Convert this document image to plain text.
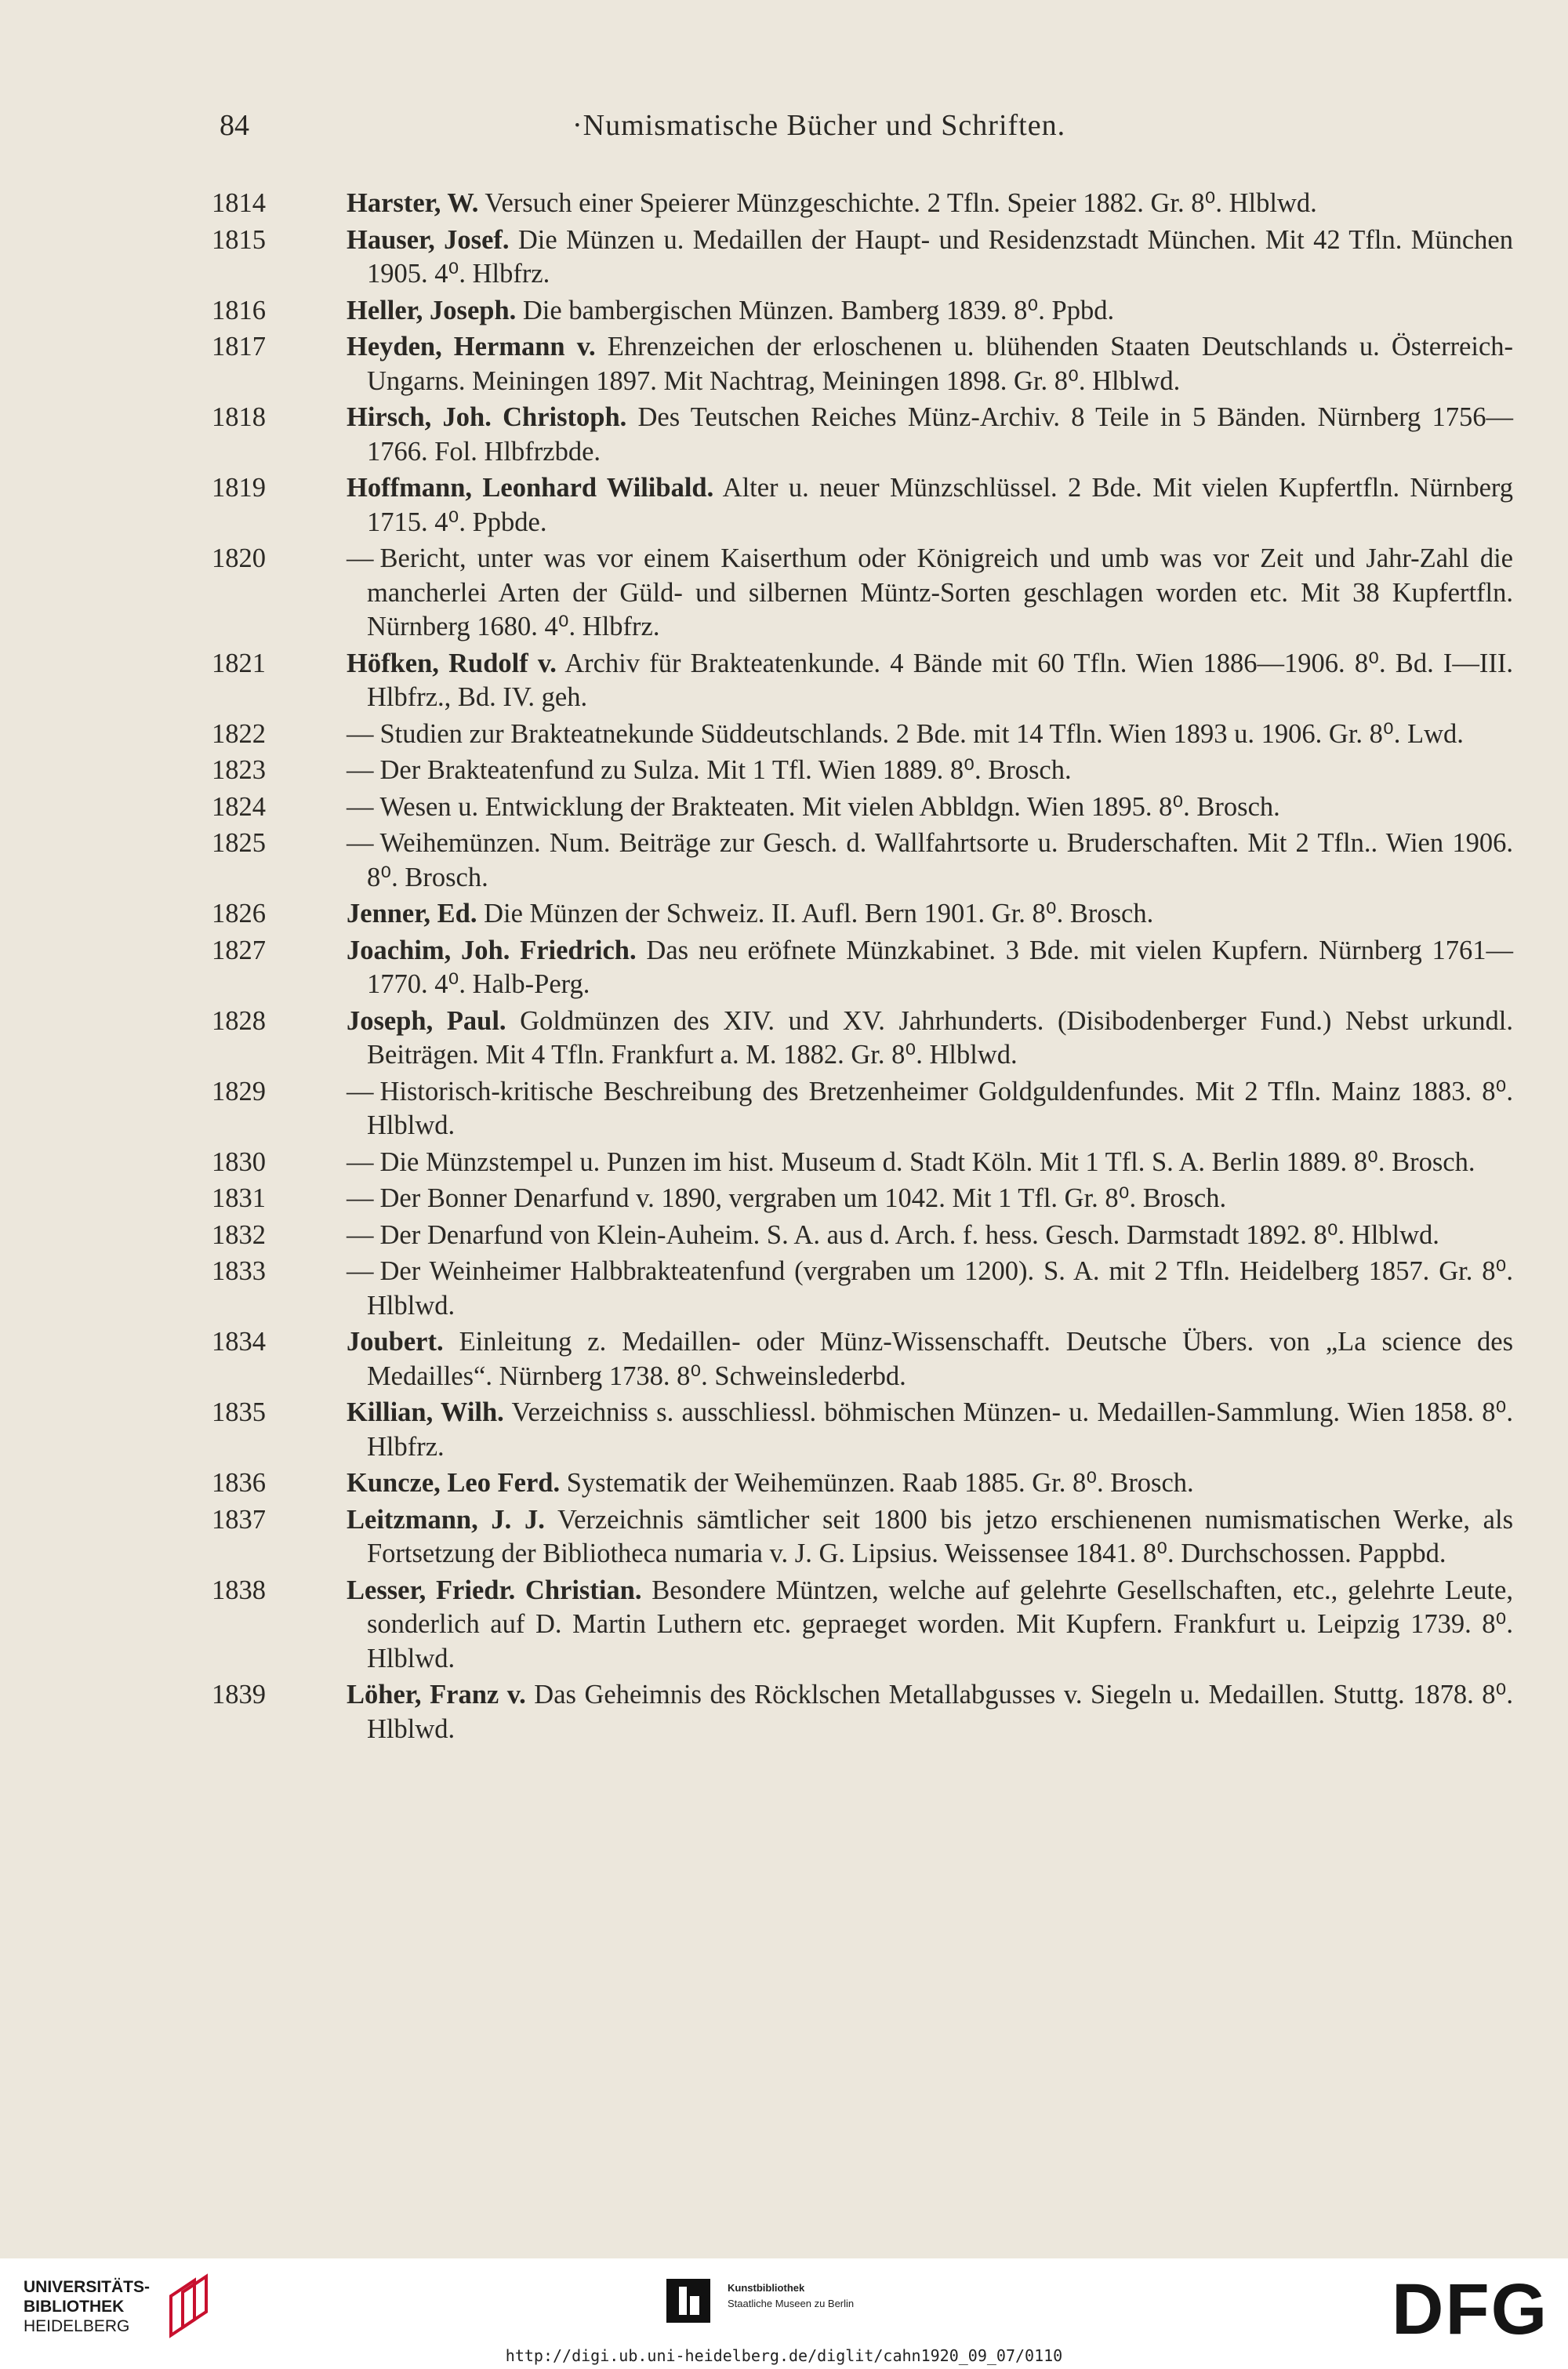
84	·Numismatische Bücher und Schriften.
1814	Harster, W. Versuch einer Speierer Münzgeschichte. 2 Tfln. Speier 1882. Gr. 8⁰. Hlblwd.
1815	Hauser, Josef. Die Münzen u. Medaillen der Haupt- und Residenzstadt München. Mit 42 Tfln. München 1905. 4⁰. Hlbfrz.
1816	Heller, Joseph. Die bambergischen Münzen. Bamberg 1839. 8⁰. Ppbd.
1817	Heyden, Hermann v. Ehrenzeichen der erloschenen u. blühenden Staaten Deutschlands u. Österreich-Ungarns. Meiningen 1897. Mit Nachtrag, Meiningen 1898. Gr. 8⁰. Hlblwd.
1818	Hirsch, Joh. Christoph. Des Teutschen Reiches Münz-Archiv. 8 Teile in 5 Bänden. Nürnberg 1756—1766. Fol. Hlbfrzbde.
1819	Hoffmann, Leonhard Wilibald. Alter u. neuer Münzschlüssel. 2 Bde. Mit vielen Kupfertfln. Nürnberg 1715. 4⁰. Ppbde.
1820	— Bericht, unter was vor einem Kaiserthum oder Königreich und umb was vor Zeit und Jahr-Zahl die mancherlei Arten der Güld- und silbernen Müntz-Sorten geschlagen worden etc. Mit 38 Kupfertfln. Nürnberg 1680. 4⁰. Hlbfrz.
1821	Höfken, Rudolf v. Archiv für Brakteatenkunde. 4 Bände mit 60 Tfln. Wien 1886—1906. 8⁰. Bd. I—III. Hlbfrz., Bd. IV. geh.
1822	— Studien zur Brakteatnekunde Süddeutschlands. 2 Bde. mit 14 Tfln. Wien 1893 u. 1906. Gr. 8⁰. Lwd.
1823	— Der Brakteatenfund zu Sulza. Mit 1 Tfl. Wien 1889. 8⁰. Brosch.
1824	— Wesen u. Entwicklung der Brakteaten. Mit vielen Abbldgn. Wien 1895. 8⁰. Brosch.
1825	— Weihemünzen. Num. Beiträge zur Gesch. d. Wallfahrtsorte u. Bruderschaften. Mit 2 Tfln.. Wien 1906. 8⁰. Brosch.
1826	Jenner, Ed. Die Münzen der Schweiz. II. Aufl. Bern 1901. Gr. 8⁰. Brosch.
1827	Joachim, Joh. Friedrich. Das neu eröfnete Münzkabinet. 3 Bde. mit vielen Kupfern. Nürnberg 1761—1770. 4⁰. Halb-Perg.
1828	Joseph, Paul. Goldmünzen des XIV. und XV. Jahrhunderts. (Disibodenberger Fund.) Nebst urkundl. Beiträgen. Mit 4 Tfln. Frankfurt a. M. 1882. Gr. 8⁰. Hlblwd.
1829	— Historisch-kritische Beschreibung des Bretzenheimer Goldguldenfundes. Mit 2 Tfln. Mainz 1883. 8⁰. Hlblwd.
1830	— Die Münzstempel u. Punzen im hist. Museum d. Stadt Köln. Mit 1 Tfl. S. A. Berlin 1889. 8⁰. Brosch.
1831	— Der Bonner Denarfund v. 1890, vergraben um 1042. Mit 1 Tfl. Gr. 8⁰. Brosch.
1832	— Der Denarfund von Klein-Auheim. S. A. aus d. Arch. f. hess. Gesch. Darmstadt 1892. 8⁰. Hlblwd.
1833	— Der Weinheimer Halbbrakteatenfund (vergraben um 1200). S. A. mit 2 Tfln. Heidelberg 1857. Gr. 8⁰. Hlblwd.
1834	Joubert. Einleitung z. Medaillen- oder Münz-Wissenschafft. Deutsche Übers. von „La science des Medailles“. Nürnberg 1738. 8⁰. Schweinslederbd.
1835	Killian, Wilh. Verzeichniss s. ausschliessl. böhmischen Münzen- u. Medaillen-Sammlung. Wien 1858. 8⁰. Hlbfrz.
1836	Kuncze, Leo Ferd. Systematik der Weihemünzen. Raab 1885. Gr. 8⁰. Brosch.
1837	Leitzmann, J. J. Verzeichnis sämtlicher seit 1800 bis jetzo erschienenen numismatischen Werke, als Fortsetzung der Bibliotheca numaria v. J. G. Lipsius. Weissensee 1841. 8⁰. Durchschossen. Pappbd.
1838	Lesser, Friedr. Christian. Besondere Müntzen, welche auf gelehrte Gesellschaften, etc., gelehrte Leute, sonderlich auf D. Martin Luthern etc. gepraeget worden. Mit Kupfern. Frankfurt u. Leipzig 1739. 8⁰. Hlblwd.
1839	Löher, Franz v. Das Geheimnis des Röcklschen Metallabgusses v. Siegeln u. Medaillen. Stuttg. 1878. 8⁰. Hlblwd.
UNIVERSITÄTS-
BIBLIOTHEK
HEIDELBERG
Kunstbibliothek
Staatliche Museen zu Berlin	DFG
http://digi.ub.uni-heidelberg.de/diglit/cahn1920_09_07/0110
